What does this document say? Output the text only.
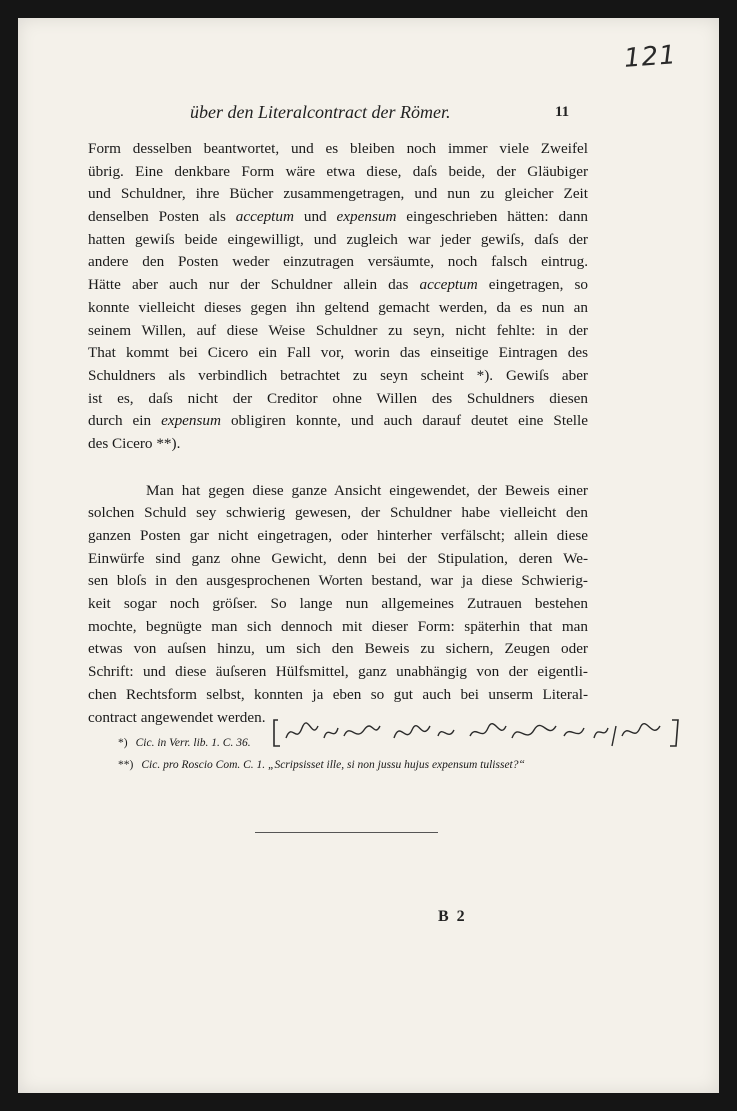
121
über den Literalcontract der Römer.	11
Form desselben beantwortet, und es bleiben noch immer viele Zweifel
übrig. Eine denkbare Form wäre etwa diese, daſs beide, der Gläubiger
und Schuldner, ihre Bücher zusammengetragen, und nun zu gleicher Zeit
denselben Posten als acceptum und expensum eingeschrieben hätten: dann
hatten gewiſs beide eingewilligt, und zugleich war jeder gewiſs, daſs der
andere den Posten weder einzutragen versäumte, noch falsch eintrug.
Hätte aber auch nur der Schuldner allein das acceptum eingetragen, so
konnte vielleicht dieses gegen ihn geltend gemacht werden, da es nun an
seinem Willen, auf diese Weise Schuldner zu seyn, nicht fehlte: in der
That kommt bei Cicero ein Fall vor, worin das einseitige Eintragen des
Schuldners als verbindlich betrachtet zu seyn scheint *). Gewiſs aber
ist es, daſs nicht der Creditor ohne Willen des Schuldners diesen
durch ein expensum obligiren konnte, und auch darauf deutet eine Stelle
des Cicero **).
Man hat gegen diese ganze Ansicht eingewendet, der Beweis einer
solchen Schuld sey schwierig gewesen, der Schuldner habe vielleicht den
ganzen Posten gar nicht eingetragen, oder hinterher verfälscht; allein diese
Einwürfe sind ganz ohne Gewicht, denn bei der Stipulation, deren We-
sen bloſs in den ausgesprochenen Worten bestand, war ja diese Schwierig-
keit sogar noch gröſser. So lange nun allgemeines Zutrauen bestehen
mochte, begnügte man sich dennoch mit dieser Form: späterhin that man
etwas von auſsen hinzu, um sich den Beweis zu sichern, Zeugen oder
Schrift: und diese äuſseren Hülfsmittel, ganz unabhängig von der eigentli-
chen Rechtsform selbst, konnten ja eben so gut auch bei unserm Literal-
contract angewendet werden.
*) Cic. in Verr. lib. 1. C. 36.
**) Cic. pro Roscio Com. C. 1. „Scripsisset ille, si non jussu hujus expensum tulisset?“
B 2
